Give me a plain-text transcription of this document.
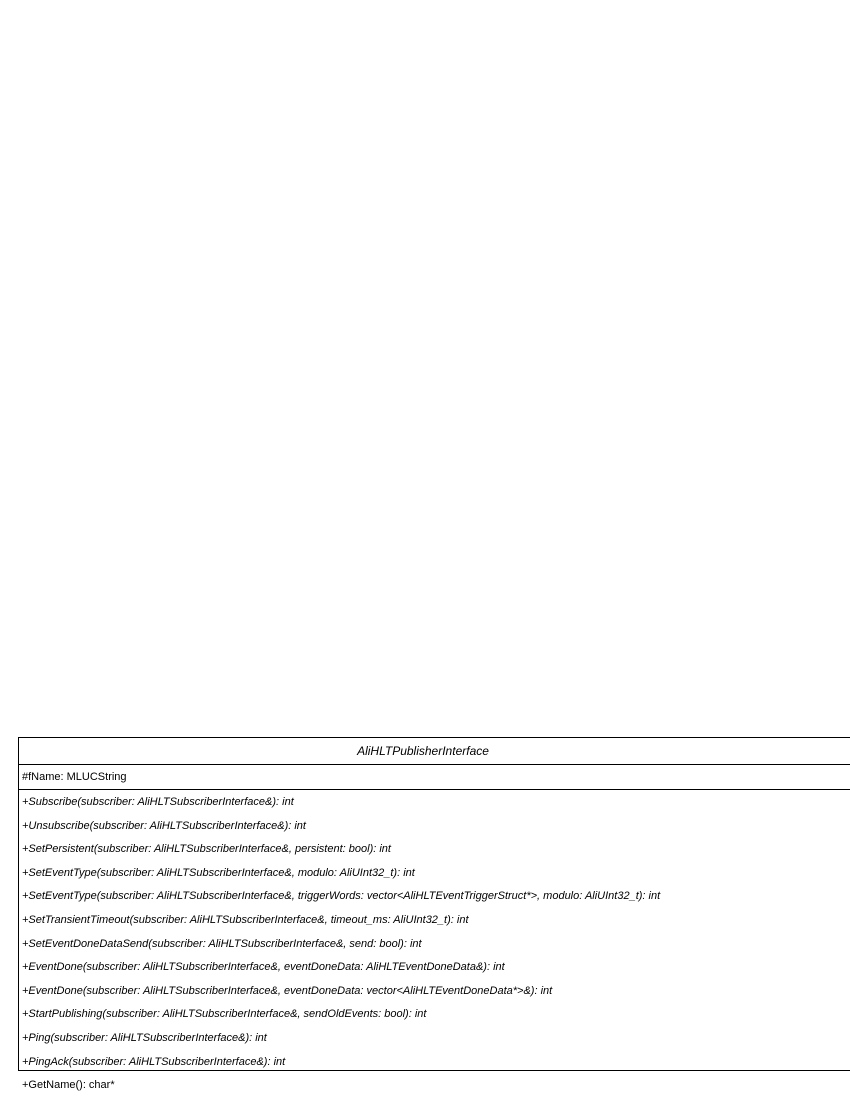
AliHLTPublisherInterface
#fName: MLUCString
+Subscribe(subscriber: AliHLTSubscriberInterface&): int
+Unsubscribe(subscriber: AliHLTSubscriberInterface&): int
+SetPersistent(subscriber: AliHLTSubscriberInterface&, persistent: bool): int
+SetEventType(subscriber: AliHLTSubscriberInterface&, modulo: AliUInt32_t): int
+SetEventType(subscriber: AliHLTSubscriberInterface&, triggerWords: vector<AliHLTEventTriggerStruct*>, modulo: AliUInt32_t): int
+SetTransientTimeout(subscriber: AliHLTSubscriberInterface&, timeout_ms: AliUInt32_t): int
+SetEventDoneDataSend(subscriber: AliHLTSubscriberInterface&, send: bool): int
+EventDone(subscriber: AliHLTSubscriberInterface&, eventDoneData: AliHLTEventDoneData&): int
+EventDone(subscriber: AliHLTSubscriberInterface&, eventDoneData: vector<AliHLTEventDoneData*>&): int
+StartPublishing(subscriber: AliHLTSubscriberInterface&, sendOldEvents: bool): int
+Ping(subscriber: AliHLTSubscriberInterface&): int
+PingAck(subscriber: AliHLTSubscriberInterface&): int
+GetName(): char*
